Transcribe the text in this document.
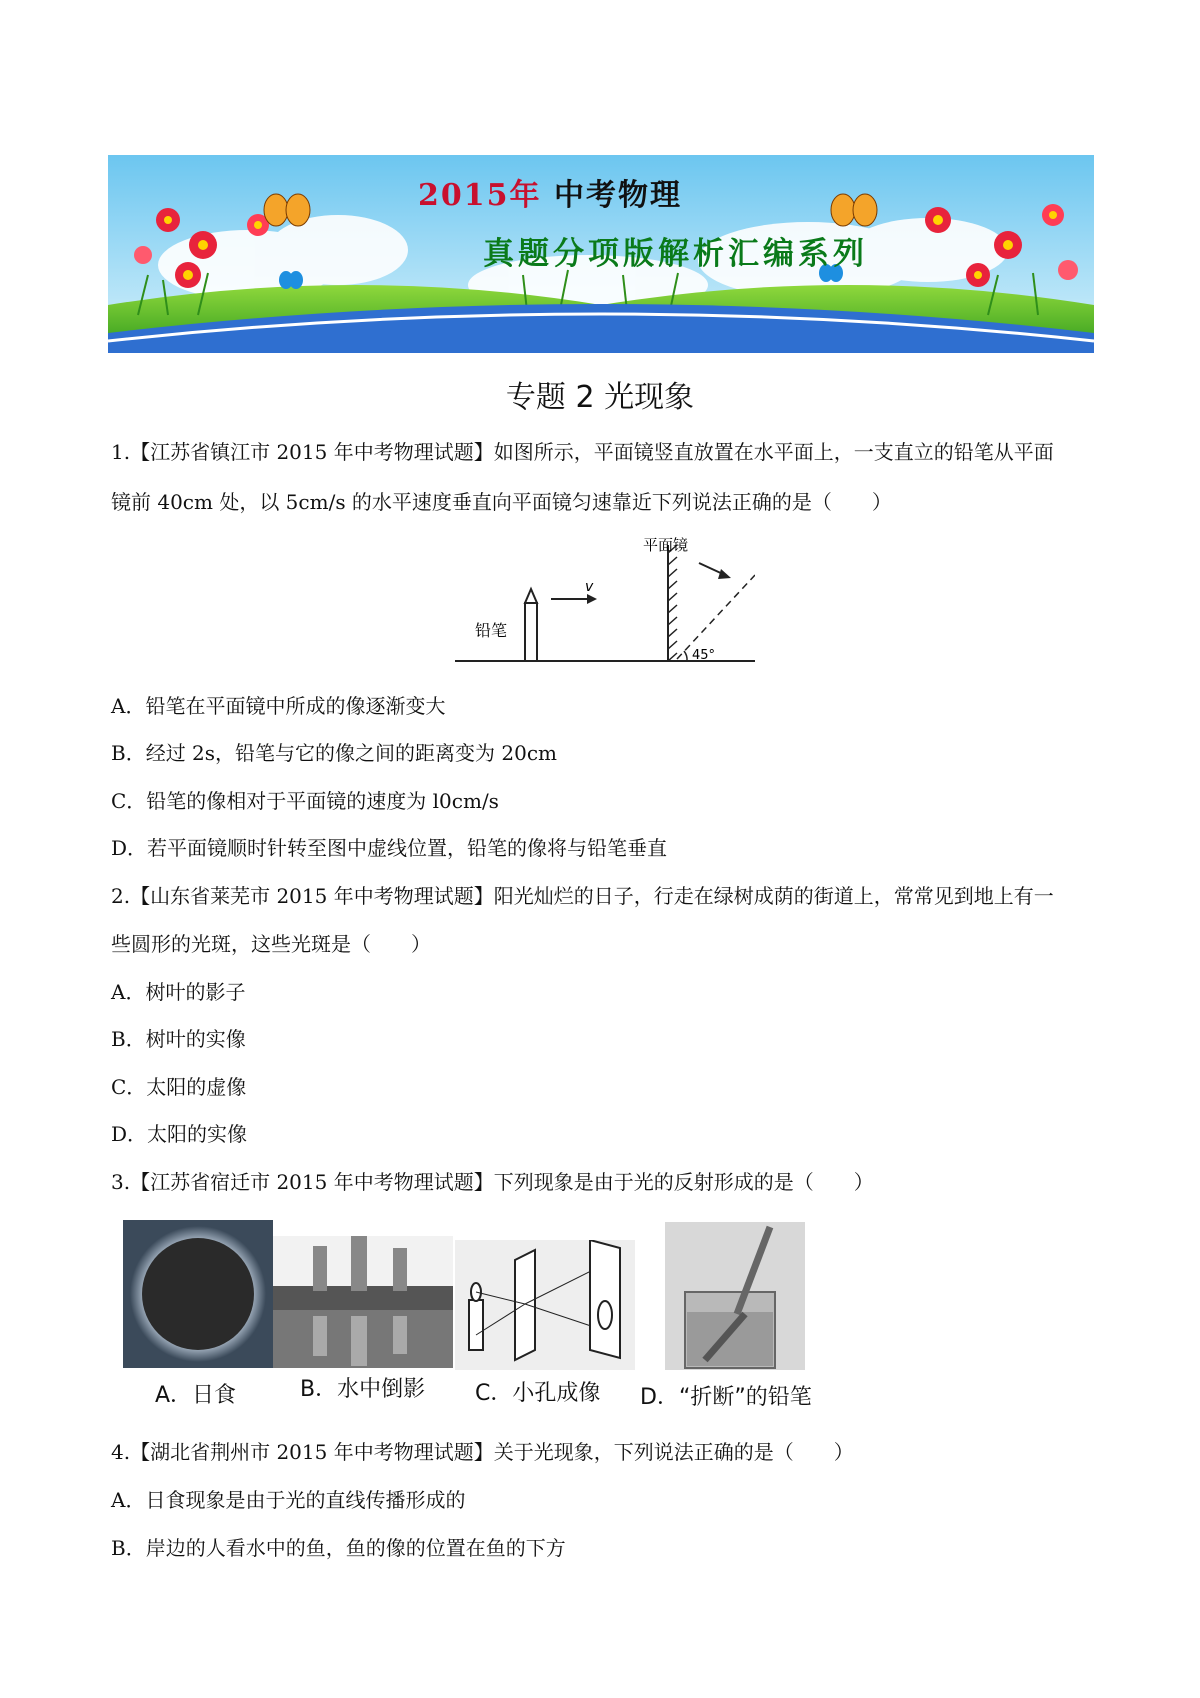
2015年 中考物理
真题分项版解析汇编系列
专题 2 光现象
1.【江苏省镇江市 2015 年中考物理试题】如图所示，平面镜竖直放置在水平面上，一支直立的铅笔从平面
镜前 40cm 处，以 5cm/s 的水平速度垂直向平面镜匀速靠近下列说法正确的是（　　）
铅笔
v
平面镜
45°
A．铅笔在平面镜中所成的像逐渐变大
B．经过 2s，铅笔与它的像之间的距离变为 20cm
C．铅笔的像相对于平面镜的速度为 l0cm/s
D．若平面镜顺时针转至图中虚线位置，铅笔的像将与铅笔垂直
2.【山东省莱芜市 2015 年中考物理试题】阳光灿烂的日子，行走在绿树成荫的街道上，常常见到地上有一
些圆形的光斑，这些光斑是（　　）
A．树叶的影子
B．树叶的实像
C．太阳的虚像
D．太阳的实像
3.【江苏省宿迁市 2015 年中考物理试题】下列现象是由于光的反射形成的是（　　）
A．日食	B．水中倒影 C．小孔成像 D．“折断”的铅笔
4.【湖北省荆州市 2015 年中考物理试题】关于光现象，下列说法正确的是（　　）
A．日食现象是由于光的直线传播形成的
B．岸边的人看水中的鱼，鱼的像的位置在鱼的下方
